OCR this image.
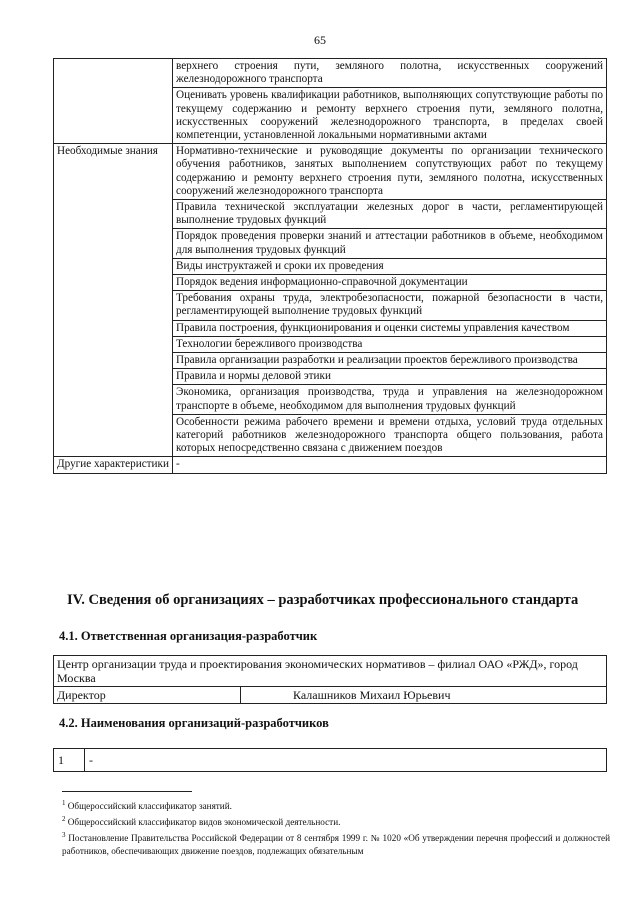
65
	верхнего строения пути, земляного полотна, искусственных сооружений железнодорожного транспорта
	Оценивать уровень квалификации работников, выполняющих сопутствующие работы по текущему содержанию и ремонту верхнего строения пути, земляного полотна, искусственных сооружений железнодорожного транспорта, в пределах своей компетенции, установленной локальными нормативными актами
Необходимые знания	Нормативно-технические и руководящие документы по организации технического обучения работников, занятых выполнением сопутствующих работ по текущему содержанию и ремонту верхнего строения пути, земляного полотна, искусственных сооружений железнодорожного транспорта
	Правила технической эксплуатации железных дорог в части, регламентирующей выполнение трудовых функций
	Порядок проведения проверки знаний и аттестации работников в объеме, необходимом для выполнения трудовых функций
	Виды инструктажей и сроки их проведения
	Порядок ведения информационно-справочной документации
	Требования охраны труда, электробезопасности, пожарной безопасности в части, регламентирующей выполнение трудовых функций
	Правила построения, функционирования и оценки системы управления качеством
	Технологии бережливого производства
	Правила организации разработки и реализации проектов бережливого производства
	Правила и нормы деловой этики
	Экономика, организация производства, труда и управления на железнодорожном транспорте в объеме, необходимом для выполнения трудовых функций
	Особенности режима рабочего времени и времени отдыха, условий труда отдельных категорий работников железнодорожного транспорта общего пользования, работа которых непосредственно связана с движением поездов
Другие характеристики	-
IV. Сведения об организациях – разработчиках профессионального стандарта
4.1. Ответственная организация-разработчик
Центр организации труда и проектирования экономических нормативов – филиал ОАО «РЖД», город Москва
Директор	Калашников Михаил Юрьевич
4.2. Наименования организаций-разработчиков
1	-

$^1$ Общероссийский классификатор занятий.

$^2$ Общероссийский классификатор видов экономической деятельности.

$^3$ Постановление Правительства Российской Федерации от 8 сентября 1999 г. № 1020 «Об утверждении перечня профессий и должностей работников, обеспечивающих движение поездов, подлежащих обязательным
